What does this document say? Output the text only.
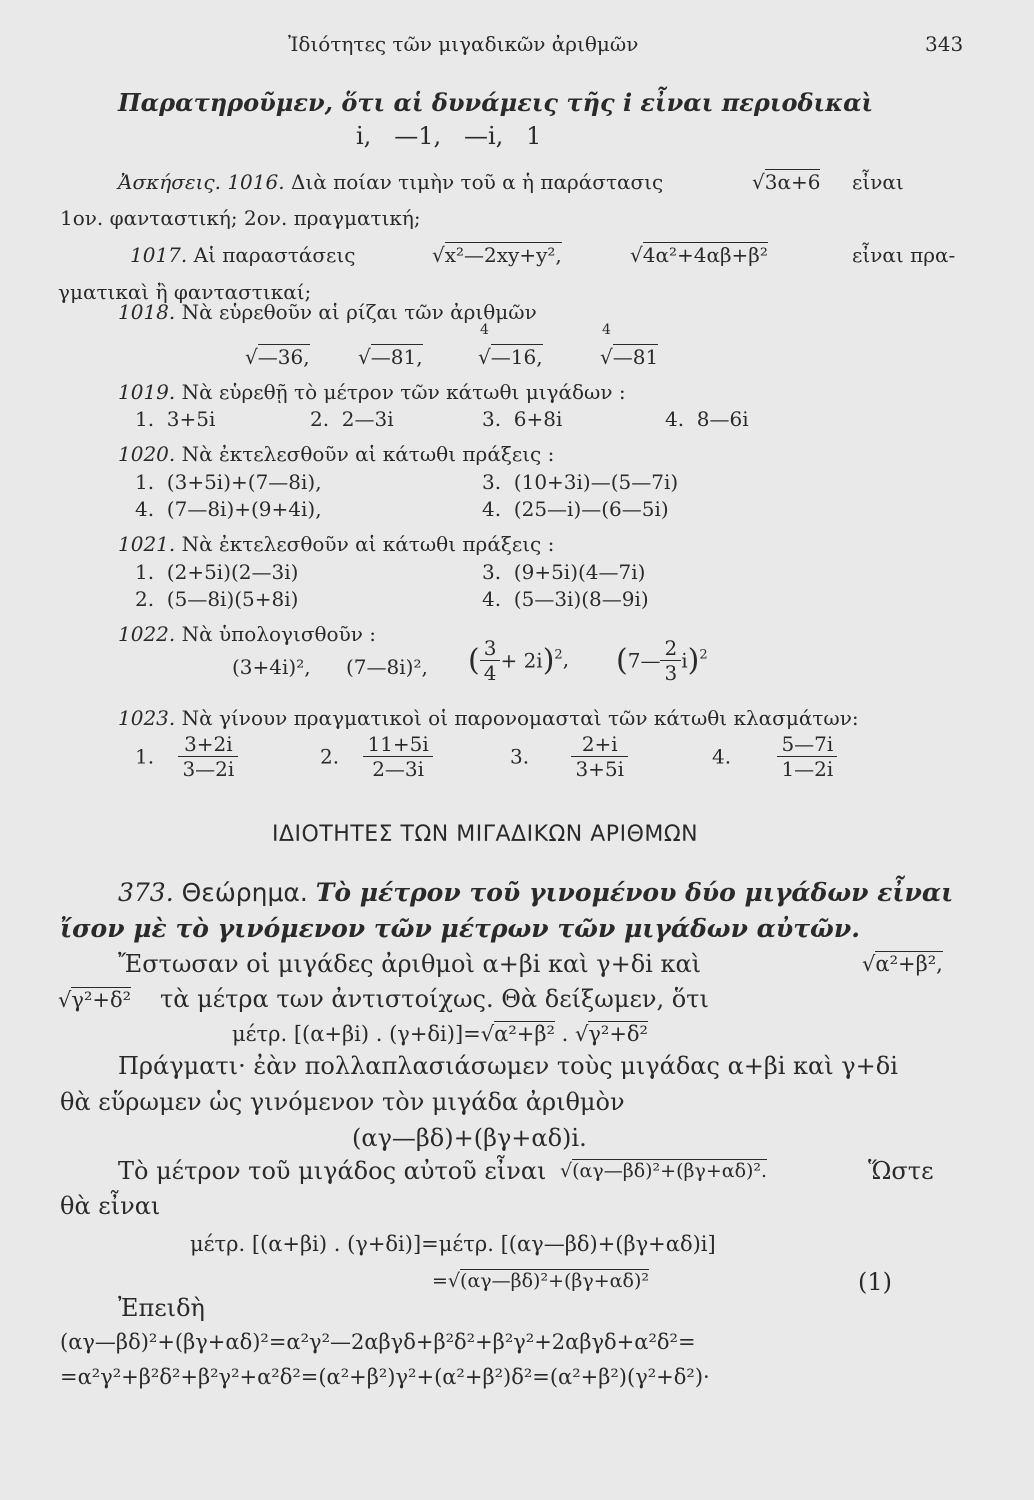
Ἰδιότητες τῶν μιγαδικῶν ἀριθμῶν	343
Παρατηροῦμεν, ὅτι αἱ δυνάμεις τῆς i εἶναι περιοδικαὶ
i,   —1,   —i,   1
Ἀσκήσεις. 1016. Διὰ ποίαν τιμὴν τοῦ α ἡ παράστασις	√3α+6 εἶναι
1ον. φανταστική; 2ον. πραγματική;
1017. Αἱ παραστάσεις	√x²—2xy+y²,	√4α²+4αβ+β²	εἶναι πρα-
γματικαὶ ἢ φανταστικαί;
1018. Νὰ εὑρεθοῦν αἱ ρίζαι τῶν ἀριθμῶν
4	4
√—36, √—81,	√—16,	√—81
1019. Νὰ εὑρεθῇ τὸ μέτρον τῶν κάτωθι μιγάδων :
1.  3+5i	2.  2—3i	3.  6+8i	4.  8—6i
1020. Νὰ ἐκτελεσθοῦν αἱ κάτωθι πράξεις :
1.  (3+5i)+(7—8i),	3.  (10+3i)—(5—7i)
4.  (7—8i)+(9+4i),	4.  (25—i)—(6—5i)
1021. Νὰ ἐκτελεσθοῦν αἱ κάτωθι πράξεις :
1.  (2+5i)(2—3i)	3.  (9+5i)(4—7i)
2.  (5—8i)(5+8i)	4.  (5—3i)(8—9i)
1022. Νὰ ὑπολογισθοῦν :
(3+4i)², (7—8i)², ( $\frac{3}{4} + 2i)^2$, (7— $\frac{2}{3} i)^2$
1023. Νὰ γίνουν πραγματικοὶ οἱ παρονομασταὶ τῶν κάτωθι κλασμάτων:
1. $\frac{3+2i}{3—2i}$	2. $\frac{11+5i}{2—3i}$	3. $\frac{2+i}{3+5i}$	4. $\frac{5—7i}{1—2i}$
ΙΔΙΟΤΗΤΕΣ ΤΩΝ ΜΙΓΑΔΙΚΩΝ ΑΡΙΘΜΩΝ
373. Θεώρημα. Τὸ μέτρον τοῦ γινομένου δύο μιγάδων εἶναι
ἴσον μὲ τὸ γινόμενον τῶν μέτρων τῶν μιγάδων αὐτῶν.
Ἔστωσαν οἱ μιγάδες ἀριθμοὶ α+βi καὶ γ+δi καὶ	√α²+β²,
√γ²+δ² τὰ μέτρα των ἀντιστοίχως. Θὰ δείξωμεν, ὅτι
μέτρ. [(α+βi) . (γ+δi)]=√α²+β² . √γ²+δ²
Πράγματι· ἐὰν πολλαπλασιάσωμεν τοὺς μιγάδας α+βi καὶ γ+δi
θὰ εὕρωμεν ὡς γινόμενον τὸν μιγάδα ἀριθμὸν
(αγ—βδ)+(βγ+αδ)i.
Τὸ μέτρον τοῦ μιγάδος αὐτοῦ εἶναι √(αγ—βδ)²+(βγ+αδ)².	Ὥστε
θὰ εἶναι
μέτρ. [(α+βi) . (γ+δi)]=μέτρ. [(αγ—βδ)+(βγ+αδ)i]
=√(αγ—βδ)²+(βγ+αδ)²	(1)
Ἐπειδὴ
(αγ—βδ)²+(βγ+αδ)²=α²γ²—2αβγδ+β²δ²+β²γ²+2αβγδ+α²δ²=
=α²γ²+β²δ²+β²γ²+α²δ²=(α²+β²)γ²+(α²+β²)δ²=(α²+β²)(γ²+δ²)·
